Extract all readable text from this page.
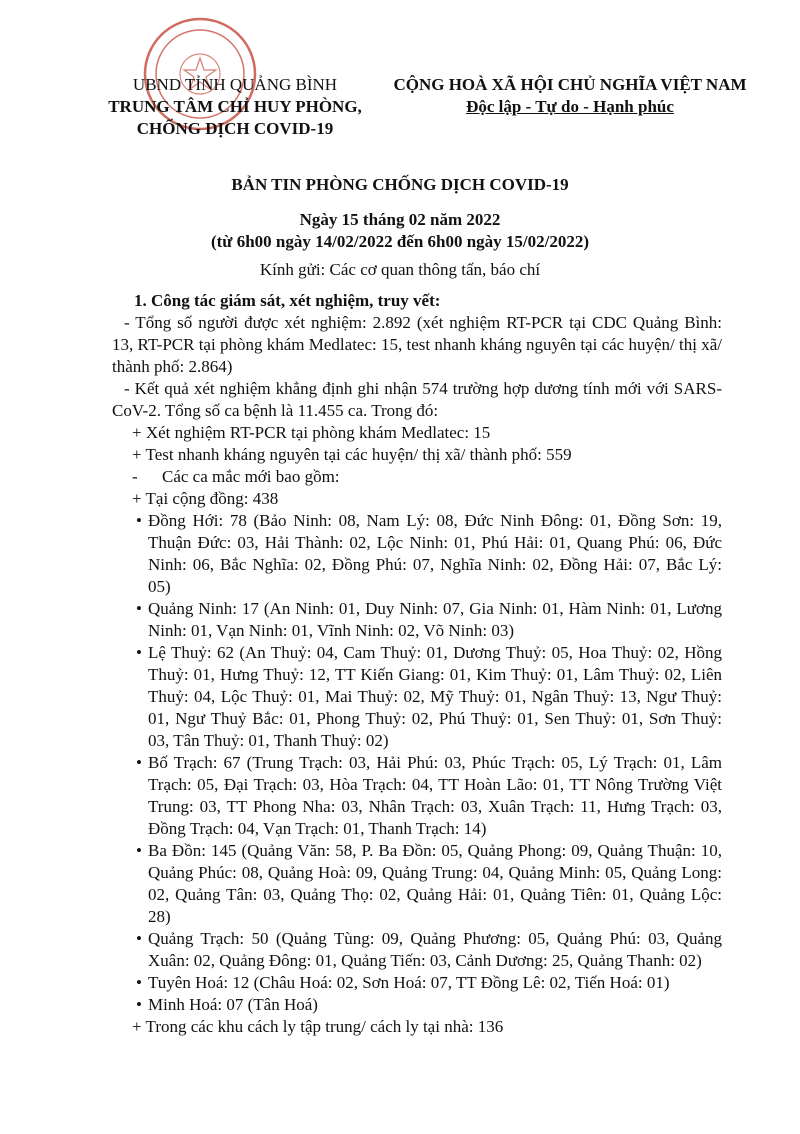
UBND TỈNH QUẢNG BÌNH
TRUNG TÂM CHỈ HUY PHÒNG,
CHỐNG DỊCH COVID-19
CỘNG HOÀ XÃ HỘI CHỦ NGHĨA VIỆT NAM
Độc lập - Tự do - Hạnh phúc
BẢN TIN PHÒNG CHỐNG DỊCH COVID-19
Ngày 15 tháng 02 năm 2022
(từ 6h00 ngày 14/02/2022 đến 6h00 ngày 15/02/2022)
Kính gửi: Các cơ quan thông tấn, báo chí
1. Công tác giám sát, xét nghiệm, truy vết:

- Tổng số người được xét nghiệm: 2.892 (xét nghiệm RT-PCR tại CDC Quảng Bình: 13, RT-PCR tại phòng khám Medlatec: 15, test nhanh kháng nguyên tại các huyện/ thị xã/ thành phố: 2.864)

- Kết quả xét nghiệm khẳng định ghi nhận 574 trường hợp dương tính mới với SARS-CoV-2. Tổng số ca bệnh là 11.455 ca. Trong đó:

+ Xét nghiệm RT-PCR tại phòng khám Medlatec: 15
+ Test nhanh kháng nguyên tại các huyện/ thị xã/ thành phố: 559
- Các ca mắc mới bao gồm:
+ Tại cộng đồng: 438
• Đồng Hới: 78 (Bảo Ninh: 08, Nam Lý: 08, Đức Ninh Đông: 01, Đồng Sơn: 19, Thuận Đức: 03, Hải Thành: 02, Lộc Ninh: 01, Phú Hải: 01, Quang Phú: 06, Đức Ninh: 06, Bắc Nghĩa: 02, Đồng Phú: 07, Nghĩa Ninh: 02, Đồng Hải: 07, Bắc Lý: 05)
• Quảng Ninh: 17 (An Ninh: 01, Duy Ninh: 07, Gia Ninh: 01, Hàm Ninh: 01, Lương Ninh: 01, Vạn Ninh: 01, Vĩnh Ninh: 02, Võ Ninh: 03)
• Lệ Thuỷ: 62 (An Thuỷ: 04, Cam Thuỷ: 01, Dương Thuỷ: 05, Hoa Thuỷ: 02, Hồng Thuỷ: 01, Hưng Thuỷ: 12, TT Kiến Giang: 01, Kim Thuỷ: 01, Lâm Thuỷ: 02, Liên Thuỷ: 04, Lộc Thuỷ: 01, Mai Thuỷ: 02, Mỹ Thuỷ: 01, Ngân Thuỷ: 13, Ngư Thuỷ: 01, Ngư Thuỷ Bắc: 01, Phong Thuỷ: 02, Phú Thuỷ: 01, Sen Thuỷ: 01, Sơn Thuỷ: 03, Tân Thuỷ: 01, Thanh Thuỷ: 02)
• Bố Trạch: 67 (Trung Trạch: 03, Hải Phú: 03, Phúc Trạch: 05, Lý Trạch: 01, Lâm Trạch: 05, Đại Trạch: 03, Hòa Trạch: 04, TT Hoàn Lão: 01, TT Nông Trường Việt Trung: 03, TT Phong Nha: 03, Nhân Trạch: 03, Xuân Trạch: 11, Hưng Trạch: 03, Đồng Trạch: 04, Vạn Trạch: 01, Thanh Trạch: 14)
• Ba Đồn: 145 (Quảng Văn: 58, P. Ba Đồn: 05, Quảng Phong: 09, Quảng Thuận: 10, Quảng Phúc: 08, Quảng Hoà: 09, Quảng Trung: 04, Quảng Minh: 05, Quảng Long: 02, Quảng Tân: 03, Quảng Thọ: 02, Quảng Hải: 01, Quảng Tiên: 01, Quảng Lộc: 28)
• Quảng Trạch: 50 (Quảng Tùng: 09, Quảng Phương: 05, Quảng Phú: 03, Quảng Xuân: 02, Quảng Đông: 01, Quảng Tiến: 03, Cảnh Dương: 25, Quảng Thanh: 02)
• Tuyên Hoá: 12 (Châu Hoá: 02, Sơn Hoá: 07, TT Đồng Lê: 02, Tiến Hoá: 01)
• Minh Hoá: 07 (Tân Hoá)
+ Trong các khu cách ly tập trung/ cách ly tại nhà: 136
